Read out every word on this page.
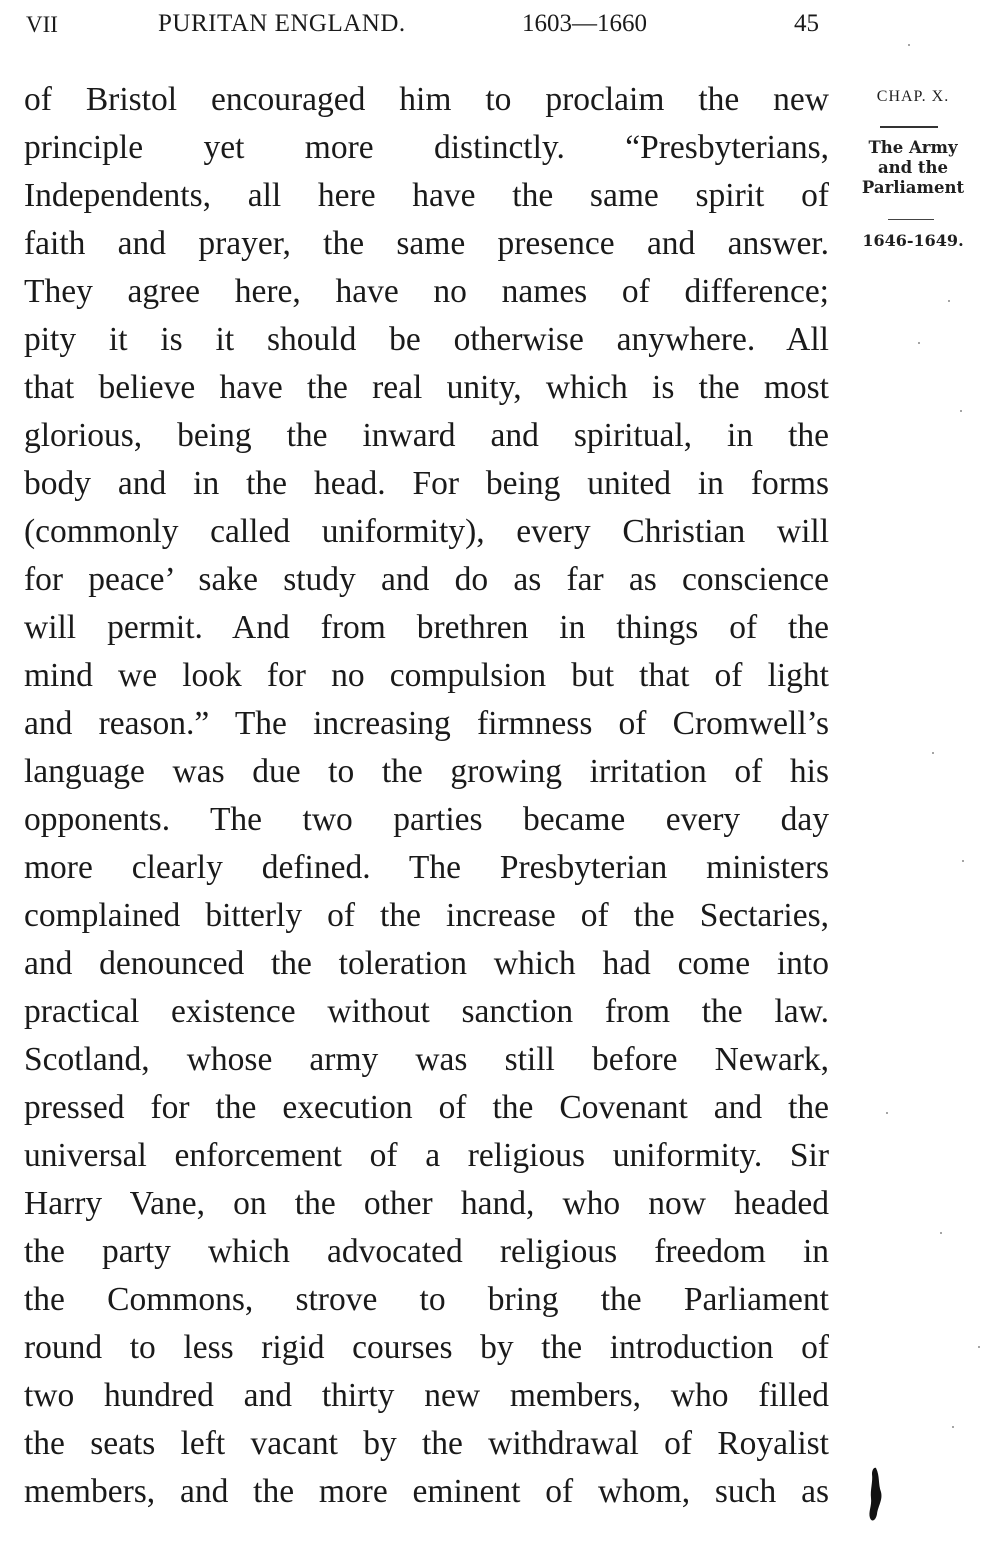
VII	PURITAN ENGLAND.	1603—1660	45
of Bristol encouraged him to proclaim the new
principle yet more distinctly. “Presbyterians,
Independents, all here have the same spirit of
faith and prayer, the same presence and answer.
They agree here, have no names of difference;
pity it is it should be otherwise anywhere. All
that believe have the real unity, which is the most
glorious, being the inward and spiritual, in the
body and in the head. For being united in forms
(commonly called uniformity), every Christian will
for peace’ sake study and do as far as conscience
will permit. And from brethren in things of the
mind we look for no compulsion but that of light
and reason.” The increasing firmness of Cromwell’s
language was due to the growing irritation of his
opponents. The two parties became every day
more clearly defined. The Presbyterian ministers
complained bitterly of the increase of the Sectaries,
and denounced the toleration which had come into
practical existence without sanction from the law.
Scotland, whose army was still before Newark,
pressed for the execution of the Covenant and the
universal enforcement of a religious uniformity. Sir
Harry Vane, on the other hand, who now headed
the party which advocated religious freedom in
the Commons, strove to bring the Parliament
round to less rigid courses by the introduction of
two hundred and thirty new members, who filled
the seats left vacant by the withdrawal of Royalist
members, and the more eminent of whom, such as
CHAP. X.
The Army
and the
Parliament
1646-1649.
